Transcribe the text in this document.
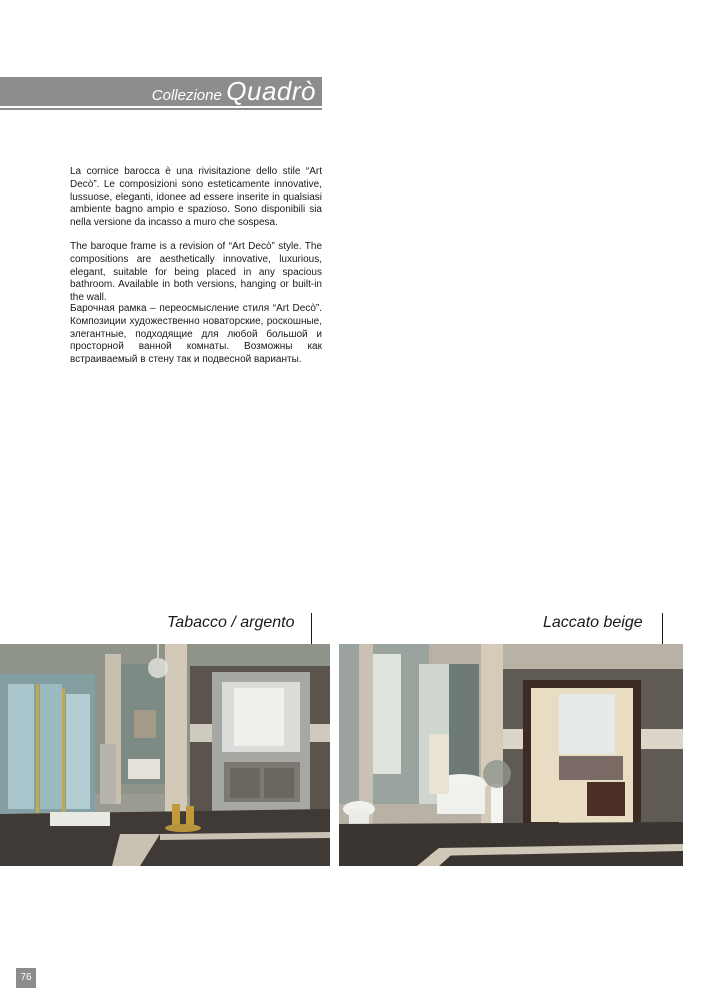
Collezione Quadrò

La cornice barocca è una rivisitazione dello stile “Art Decò”. Le composizioni sono esteticamente innovative, lussuose, eleganti, idonee ad essere inserite in qualsiasi ambiente bagno ampio e spazioso. Sono disponibili sia nella versione da incasso a muro che sospesa.

The baroque frame is a revision of “Art Decò” style. The compositions are aesthetically innovative, luxurious, elegant, suitable for being placed in any spacious bathroom. Available in both versions, hanging or built-in the wall.

Барочная рамка – переосмысление стиля “Art Decò”. Композиции художественно новаторские, роскошные, элегантные, подходящие для любой большой и просторной ванной комнаты. Возможны как встраиваемый в стену так и подвесной варианты.

Tabacco / argento	Laccato beige
76
